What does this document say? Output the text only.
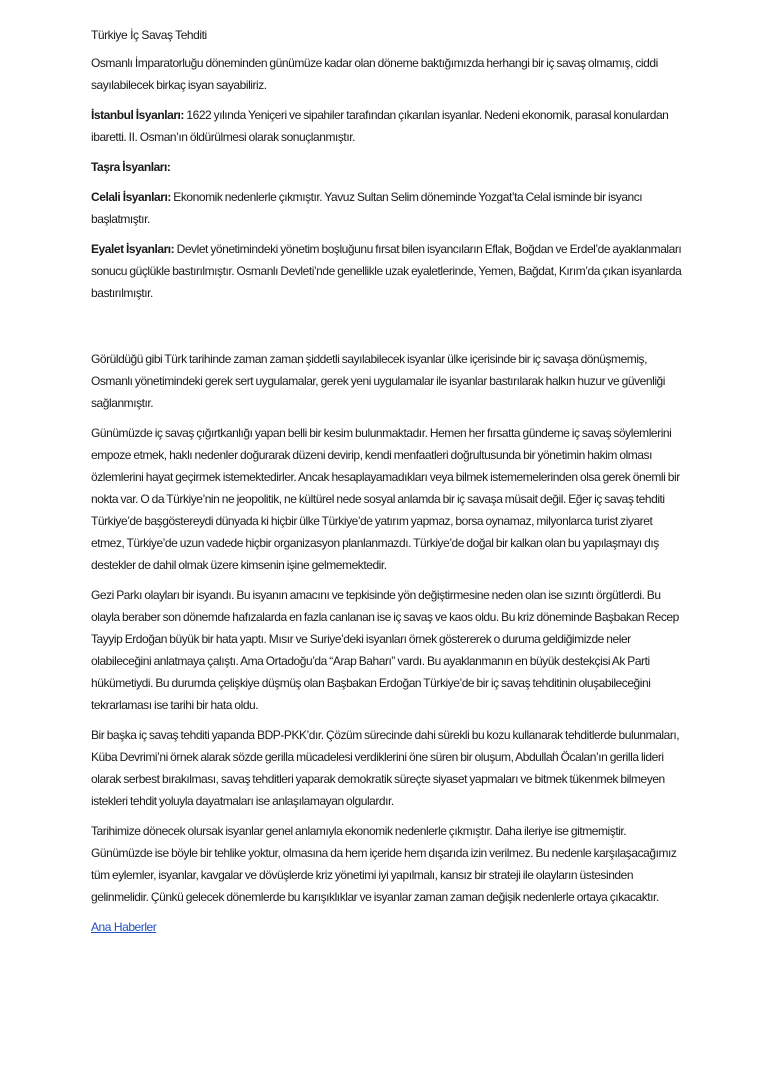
Türkiye İç Savaş Tehditi

Osmanlı İmparatorluğu döneminden günümüze kadar olan döneme baktığımızda herhangi bir iç savaş olmamış, ciddi sayılabilecek birkaç isyan sayabiliriz.

İstanbul İsyanları: 1622 yılında Yeniçeri ve sipahiler tarafından çıkarılan isyanlar. Nedeni ekonomik, parasal konulardan ibaretti. II. Osman’ın öldürülmesi olarak sonuçlanmıştır.

Taşra İsyanları:

Celali İsyanları: Ekonomik nedenlerle çıkmıştır. Yavuz Sultan Selim döneminde Yozgat’ta Celal isminde bir isyancı başlatmıştır.

Eyalet İsyanları: Devlet yönetimindeki yönetim boşluğunu fırsat bilen isyancıların Eflak, Boğdan ve Erdel’de ayaklanmaları sonucu güçlükle bastırılmıştır. Osmanlı Devleti’nde genellikle uzak eyaletlerinde, Yemen, Bağdat, Kırım’da çıkan isyanlarda bastırılmıştır.

Görüldüğü gibi Türk tarihinde zaman zaman şiddetli sayılabilecek isyanlar ülke içerisinde bir iç savaşa dönüşmemiş, Osmanlı yönetimindeki gerek sert uygulamalar, gerek yeni uygulamalar ile isyanlar bastırılarak halkın huzur ve güvenliği sağlanmıştır.

Günümüzde iç savaş çığırtkanlığı yapan belli bir kesim bulunmaktadır. Hemen her fırsatta gündeme iç savaş söylemlerini empoze etmek, haklı nedenler doğurarak düzeni devirip, kendi menfaatleri doğrultusunda bir yönetimin hakim olması özlemlerini hayat geçirmek istemektedirler. Ancak hesaplayamadıkları veya bilmek istememelerinden olsa gerek önemli bir nokta var. O da Türkiye’nin ne jeopolitik, ne kültürel nede sosyal anlamda bir iç savaşa müsait değil. Eğer iç savaş tehditi Türkiye’de başgöstereydi dünyada ki hiçbir ülke Türkiye’de yatırım yapmaz, borsa oynamaz, milyonlarca turist ziyaret etmez, Türkiye’de uzun vadede hiçbir organizasyon planlanmazdı. Türkiye’de doğal bir kalkan olan bu yapılaşmayı dış destekler de dahil olmak üzere kimsenin işine gelmemektedir.

Gezi Parkı olayları bir isyandı. Bu isyanın amacını ve tepkisinde yön değiştirmesine neden olan ise sızıntı örgütlerdi. Bu olayla beraber son dönemde hafızalarda en fazla canlanan ise iç savaş ve kaos oldu. Bu kriz döneminde Başbakan Recep Tayyip Erdoğan büyük bir hata yaptı. Mısır ve Suriye’deki isyanları örnek göstererek o duruma geldiğimizde neler olabileceğini anlatmaya çalıştı. Ama Ortadoğu’da “Arap Baharı” vardı. Bu ayaklanmanın en büyük destekçisi Ak Parti hükümetiydi. Bu durumda çelişkiye düşmüş olan Başbakan Erdoğan Türkiye’de bir iç savaş tehditinin oluşabileceğini tekrarlaması ise tarihi bir hata oldu.

Bir başka iç savaş tehditi yapanda BDP-PKK’dır. Çözüm sürecinde dahi sürekli bu kozu kullanarak tehditlerde bulunmaları, Küba Devrimi’ni örnek alarak sözde gerilla mücadelesi verdiklerini öne süren bir oluşum, Abdullah Öcalan’ın gerilla lideri olarak serbest bırakılması, savaş tehditleri yaparak demokratik süreçte siyaset yapmaları ve bitmek tükenmek bilmeyen istekleri tehdit yoluyla dayatmaları ise anlaşılamayan olgulardır.

Tarihimize dönecek olursak isyanlar genel anlamıyla ekonomik nedenlerle çıkmıştır. Daha ileriye ise gitmemiştir. Günümüzde ise böyle bir tehlike yoktur, olmasına da hem içeride hem dışarıda izin verilmez. Bu nedenle karşılaşacağımız tüm eylemler, isyanlar, kavgalar ve dövüşlerde kriz yönetimi iyi yapılmalı, kansız bir strateji ile olayların üstesinden gelinmelidir. Çünkü gelecek dönemlerde bu karışıklıklar ve isyanlar zaman zaman değişik nedenlerle ortaya çıkacaktır.

Ana Haberler
